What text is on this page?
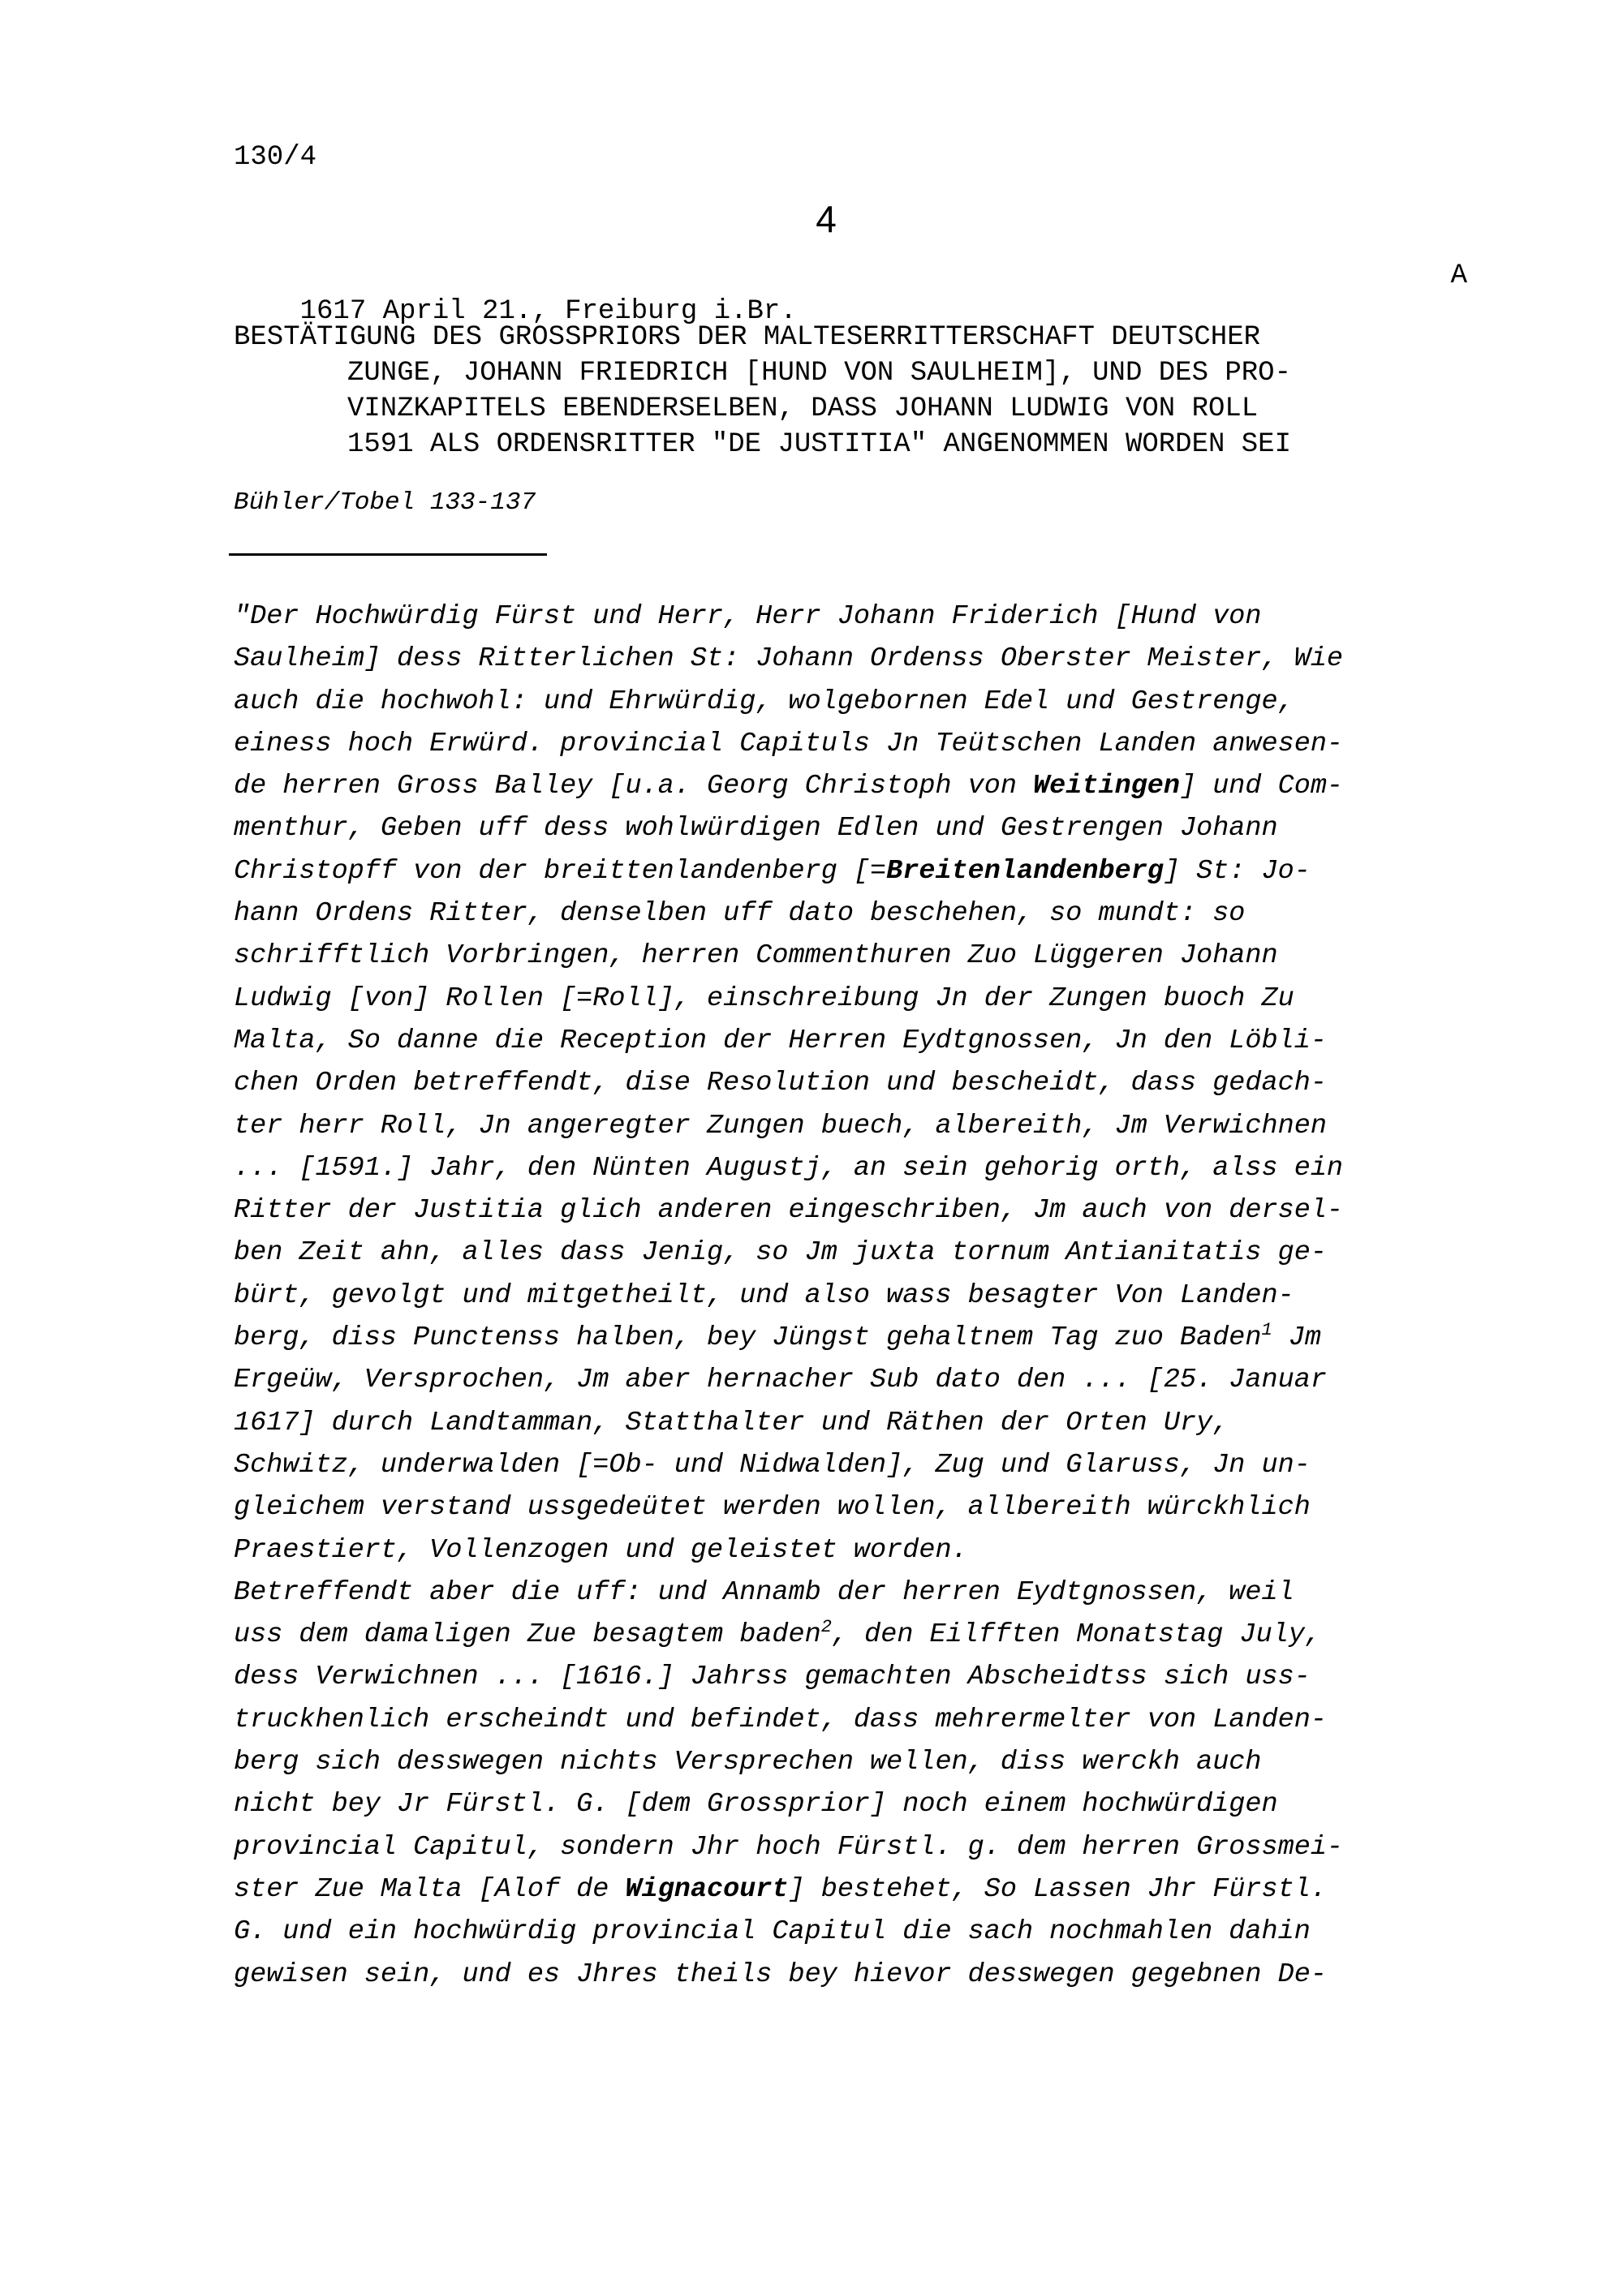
130/4
4

1617 April 21., Freiburg i.Br.

A

BESTÄTIGUNG DES GROSSPRIORS DER MALTESERRITTERSCHAFT DEUTSCHER
ZUNGE, JOHANN FRIEDRICH [HUND VON SAULHEIM], UND DES PRO-
VINZKAPITELS EBENDERSELBEN, DASS JOHANN LUDWIG VON ROLL
1591 ALS ORDENSRITTER "DE JUSTITIA" ANGENOMMEN WORDEN SEI
Bühler/Tobel 133-137
"Der Hochwürdig Fürst und Herr, Herr Johann Friderich [Hund von
Saulheim] dess Ritterlichen St: Johann Ordenss Oberster Meister, Wie
auch die hochwohl: und Ehrwürdig, wolgebornen Edel und Gestrenge,
einess hoch Erwürd. provincial Capituls Jn Teütschen Landen anwesen-
de herren Gross Balley [u.a. Georg Christoph von Weitingen] und Com-
menthur, Geben uff dess wohlwürdigen Edlen und Gestrengen Johann
Christopff von der breittenlandenberg [=Breitenlandenberg] St: Jo-
hann Ordens Ritter, denselben uff dato beschehen, so mundt: so
schrifftlich Vorbringen, herren Commenthuren Zuo Lüggeren Johann
Ludwig [von] Rollen [=Roll], einschreibung Jn der Zungen buoch Zu
Malta, So danne die Reception der Herren Eydtgnossen, Jn den Löbli-
chen Orden betreffendt, dise Resolution und bescheidt, dass gedach-
ter herr Roll, Jn angeregter Zungen buech, albereith, Jm Verwichnen
... [1591.] Jahr, den Nünten Augustj, an sein gehorig orth, alss ein
Ritter der Justitia glich anderen eingeschriben, Jm auch von dersel-
ben Zeit ahn, alles dass Jenig, so Jm juxta tornum Antianitatis ge-
bürt, gevolgt und mitgetheilt, und also wass besagter Von Landen-
berg, diss Punctenss halben, bey Jüngst gehaltnem Tag zuo Baden$^1$ Jm
Ergeüw, Versprochen, Jm aber hernacher Sub dato den ... [25. Januar
1617] durch Landtamman, Statthalter und Räthen der Orten Ury,
Schwitz, underwalden [=Ob- und Nidwalden], Zug und Glaruss, Jn un-
gleichem verstand ussgedeütet werden wollen, allbereith würckhlich
Praestiert, Vollenzogen und geleistet worden.
Betreffendt aber die uff: und Annamb der herren Eydtgnossen, weil
uss dem damaligen Zue besagtem baden$^2$, den Eilfften Monatstag July,
dess Verwichnen ... [1616.] Jahrss gemachten Abscheidtss sich uss-
truckhenlich erscheindt und befindet, dass mehrermelter von Landen-
berg sich desswegen nichts Versprechen wellen, diss werckh auch
nicht bey Jr Fürstl. G. [dem Grossprior] noch einem hochwürdigen
provincial Capitul, sondern Jhr hoch Fürstl. g. dem herren Grossmei-
ster Zue Malta [Alof de Wignacourt] bestehet, So Lassen Jhr Fürstl.
G. und ein hochwürdig provincial Capitul die sach nochmahlen dahin
gewisen sein, und es Jhres theils bey hievor desswegen gegebnen De-
